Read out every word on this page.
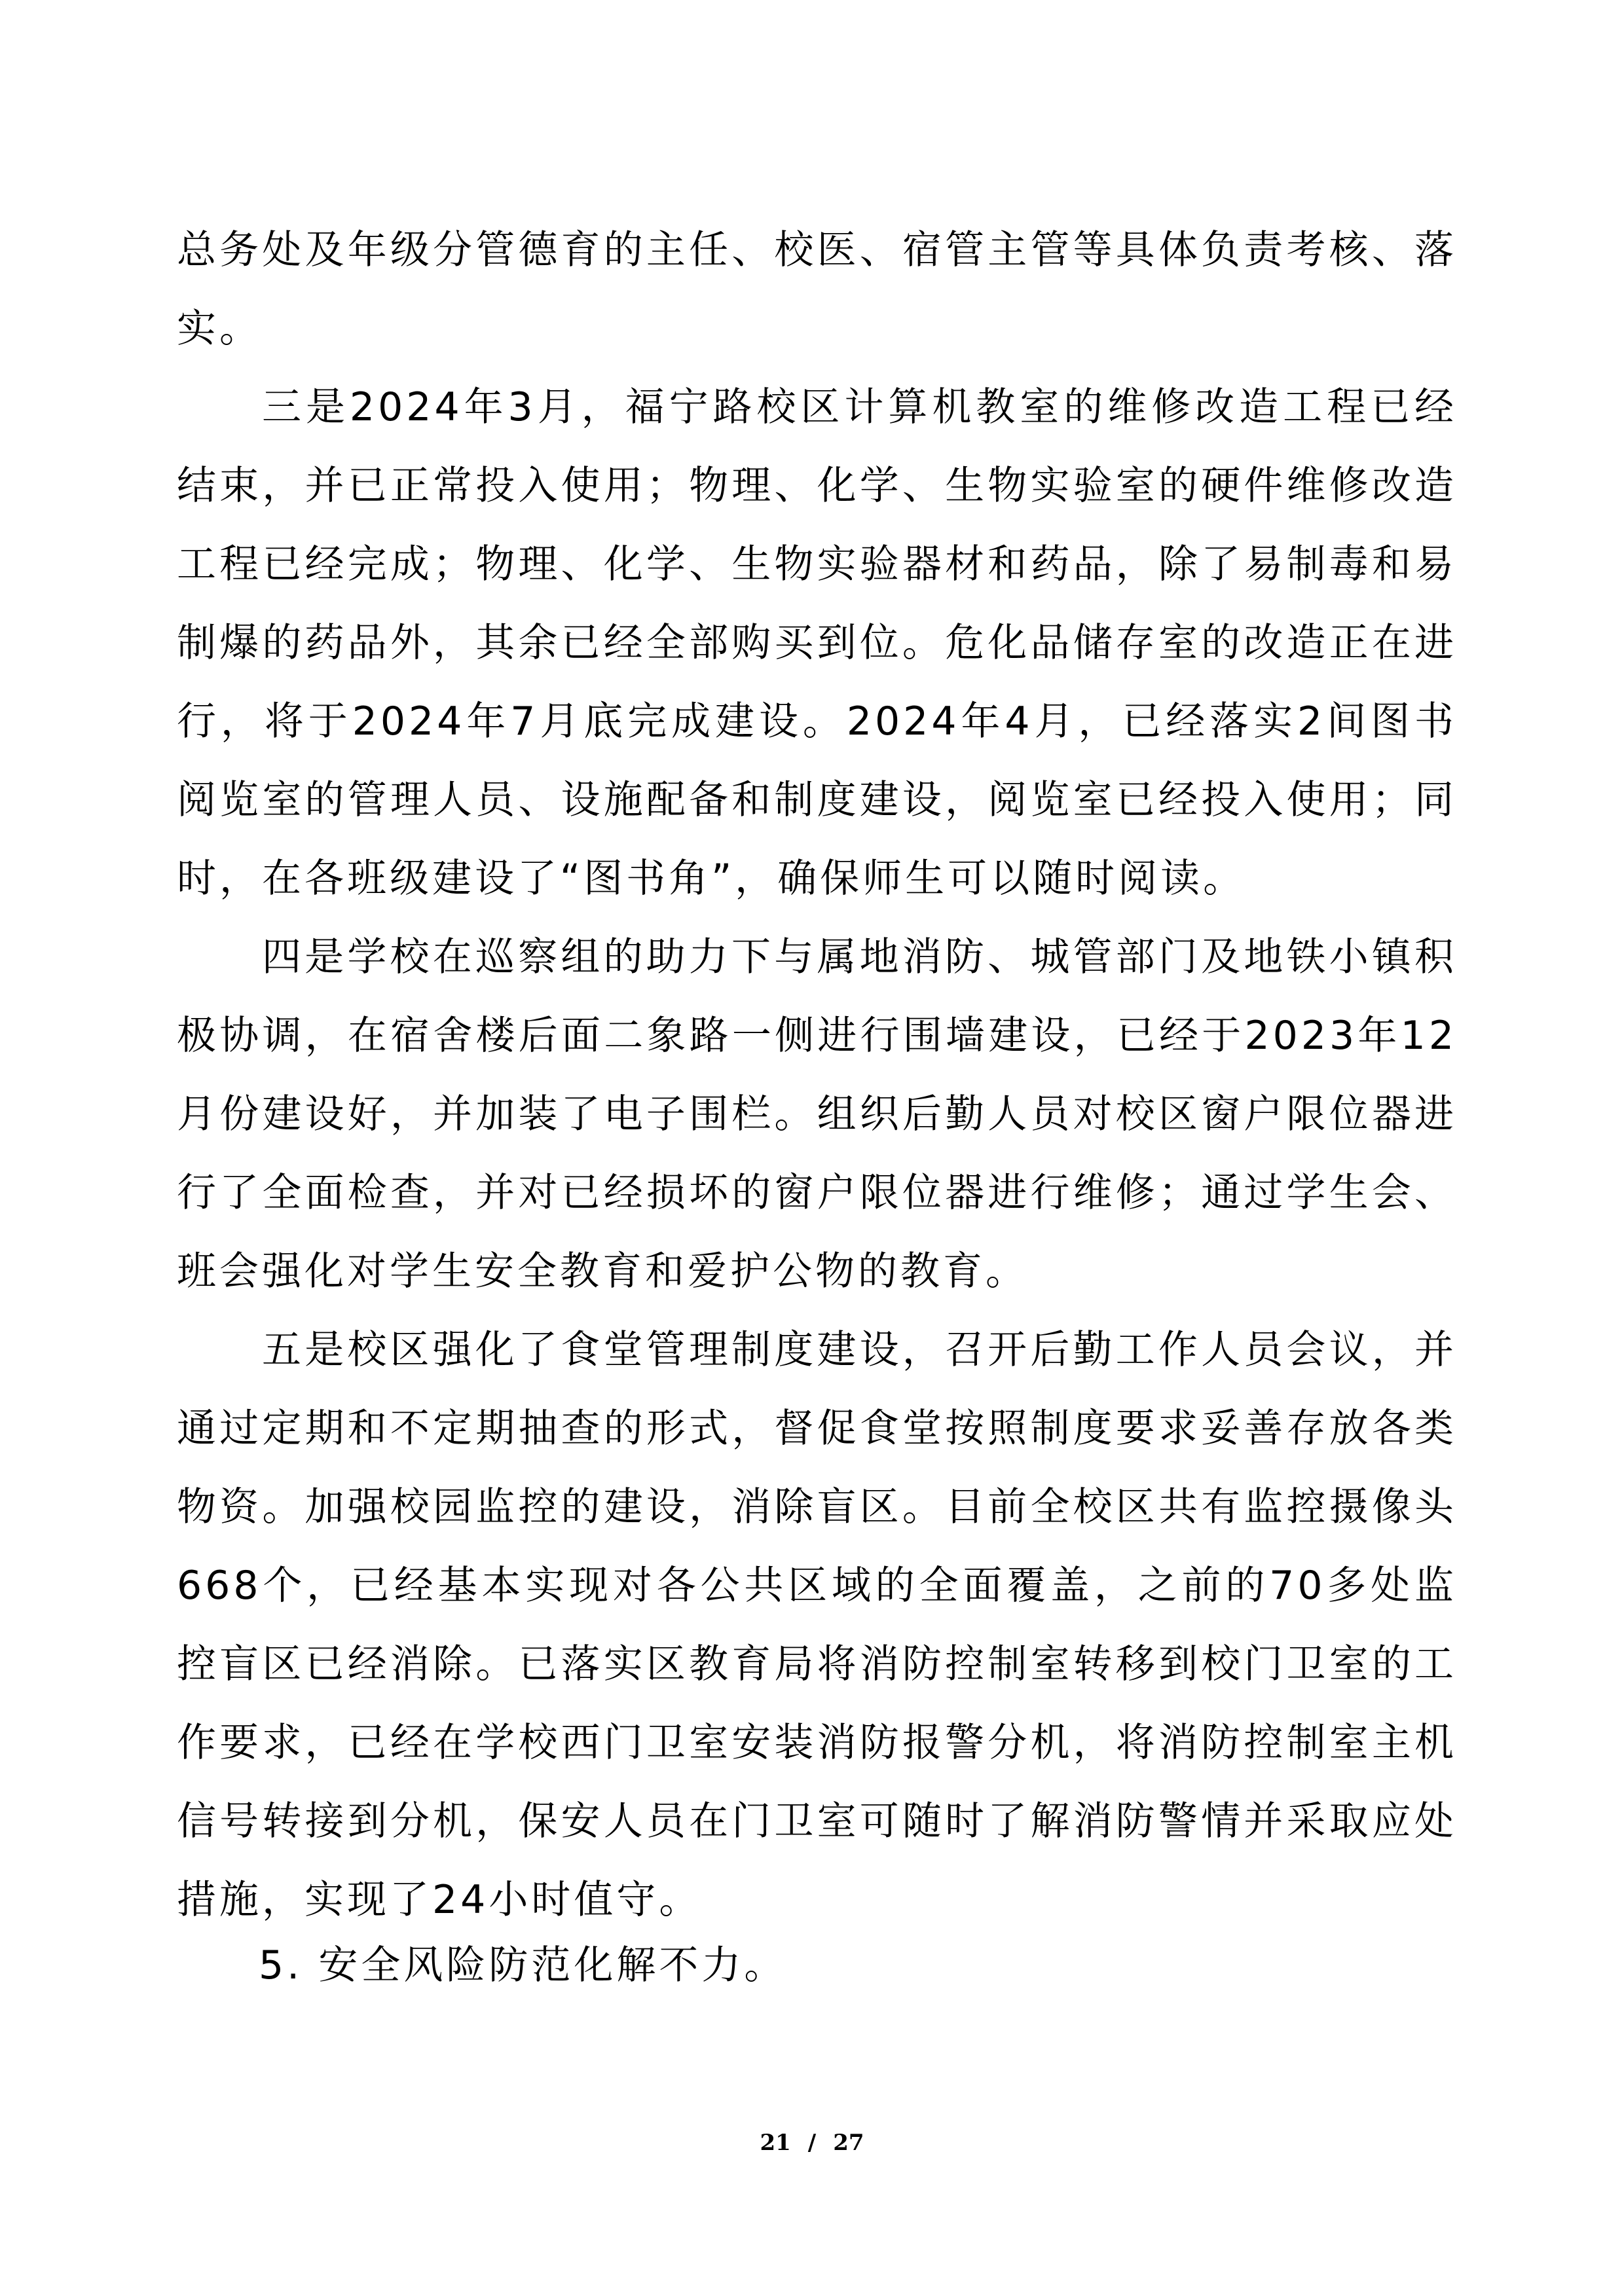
总务处及年级分管德育的主任、校医、宿管主管等具体负责考核、落实。

三是2024年3月，福宁路校区计算机教室的维修改造工程已经结束，并已正常投入使用；物理、化学、生物实验室的硬件维修改造工程已经完成；物理、化学、生物实验器材和药品，除了易制毒和易制爆的药品外，其余已经全部购买到位。危化品储存室的改造正在进行，将于2024年7月底完成建设。2024年4月，已经落实2间图书阅览室的管理人员、设施配备和制度建设，阅览室已经投入使用；同时，在各班级建设了“图书角”，确保师生可以随时阅读。

四是学校在巡察组的助力下与属地消防、城管部门及地铁小镇积极协调，在宿舍楼后面二象路一侧进行围墙建设，已经于2023年12月份建设好，并加装了电子围栏。组织后勤人员对校区窗户限位器进行了全面检查，并对已经损坏的窗户限位器进行维修；通过学生会、班会强化对学生安全教育和爱护公物的教育。

五是校区强化了食堂管理制度建设，召开后勤工作人员会议，并通过定期和不定期抽查的形式，督促食堂按照制度要求妥善存放各类物资。加强校园监控的建设，消除盲区。目前全校区共有监控摄像头668个，已经基本实现对各公共区域的全面覆盖，之前的70多处监控盲区已经消除。已落实区教育局将消防控制室转移到校门卫室的工作要求，已经在学校西门卫室安装消防报警分机，将消防控制室主机信号转接到分机，保安人员在门卫室可随时了解消防警情并采取应处措施，实现了24小时值守。

5. 安全风险防范化解不力。
21 / 27
